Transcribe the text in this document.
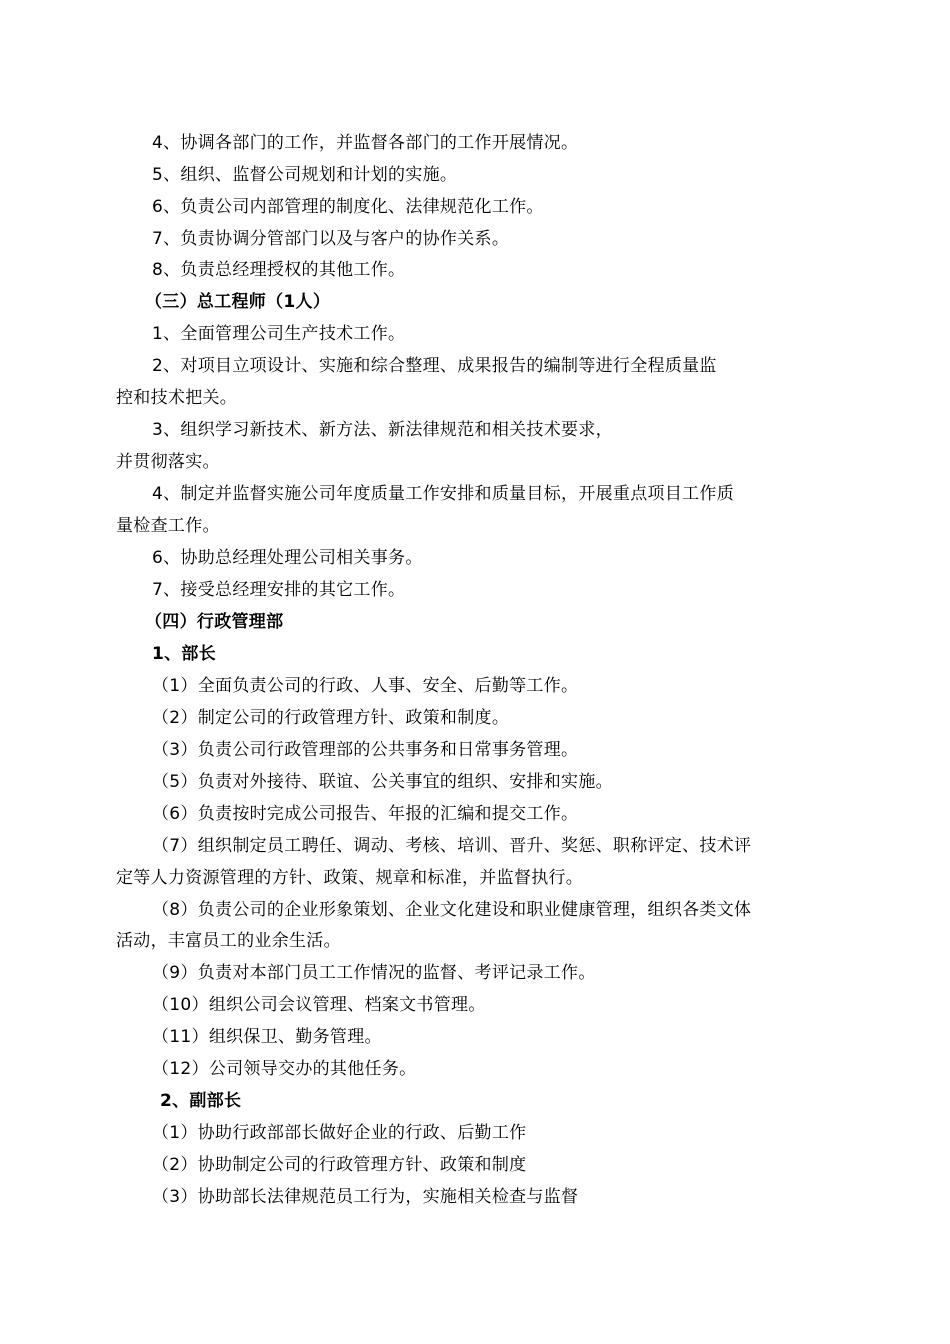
4、协调各部门的工作，并监督各部门的工作开展情况。
5、组织、监督公司规划和计划的实施。
6、负责公司内部管理的制度化、法律规范化工作。
7、负责协调分管部门以及与客户的协作关系。
8、负责总经理授权的其他工作。
（三）总工程师（1人）
1、全面管理公司生产技术工作。
2、对项目立项设计、实施和综合整理、成果报告的编制等进行全程质量监
控和技术把关。
3、组织学习新技术、新方法、新法律规范和相关技术要求，
并贯彻落实。
4、制定并监督实施公司年度质量工作安排和质量目标，开展重点项目工作质
量检查工作。
6、协助总经理处理公司相关事务。
7、接受总经理安排的其它工作。
（四）行政管理部
1、部长
（1）全面负责公司的行政、人事、安全、后勤等工作。
（2）制定公司的行政管理方针、政策和制度。
（3）负责公司行政管理部的公共事务和日常事务管理。
（5）负责对外接待、联谊、公关事宜的组织、安排和实施。
（6）负责按时完成公司报告、年报的汇编和提交工作。
（7）组织制定员工聘任、调动、考核、培训、晋升、奖惩、职称评定、技术评
定等人力资源管理的方针、政策、规章和标准，并监督执行。
（8）负责公司的企业形象策划、企业文化建设和职业健康管理，组织各类文体
活动，丰富员工的业余生活。
（9）负责对本部门员工工作情况的监督、考评记录工作。
（10）组织公司会议管理、档案文书管理。
（11）组织保卫、勤务管理。
（12）公司领导交办的其他任务。
2、副部长
（1）协助行政部部长做好企业的行政、后勤工作
（2）协助制定公司的行政管理方针、政策和制度
（3）协助部长法律规范员工行为，实施相关检查与监督
